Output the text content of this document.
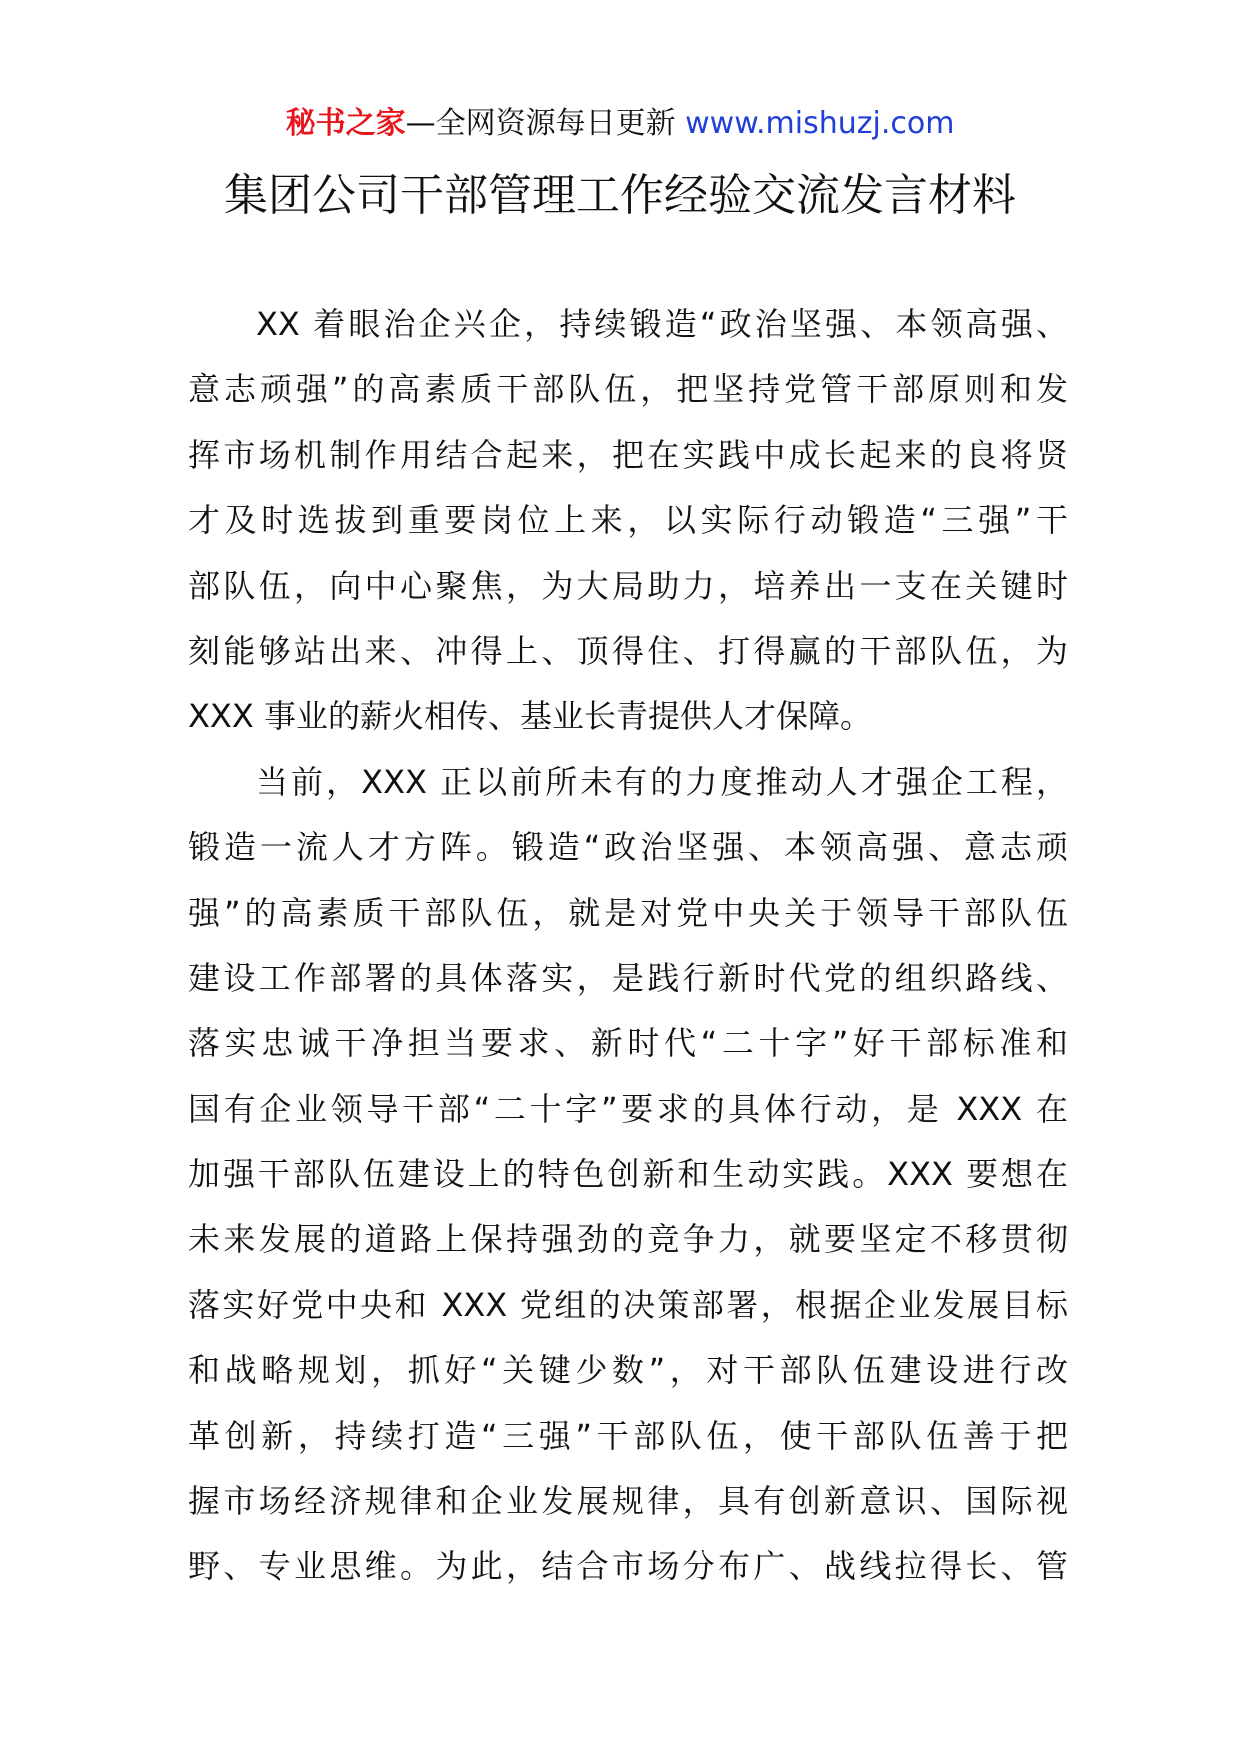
秘书之家—全网资源每日更新 www.mishuzj.com
集团公司干部管理工作经验交流发言材料
XX 着眼治企兴企，持续锻造“政治坚强、本领高强、
意志顽强”的高素质干部队伍，把坚持党管干部原则和发
挥市场机制作用结合起来，把在实践中成长起来的良将贤
才及时选拔到重要岗位上来，以实际行动锻造“三强”干
部队伍，向中心聚焦，为大局助力，培养出一支在关键时
刻能够站出来、冲得上、顶得住、打得赢的干部队伍，为
XXX 事业的薪火相传、基业长青提供人才保障。
当前，XXX 正以前所未有的力度推动人才强企工程，
锻造一流人才方阵。锻造“政治坚强、本领高强、意志顽
强”的高素质干部队伍，就是对党中央关于领导干部队伍
建设工作部署的具体落实，是践行新时代党的组织路线、
落实忠诚干净担当要求、新时代“二十字”好干部标准和
国有企业领导干部“二十字”要求的具体行动，是 XXX 在
加强干部队伍建设上的特色创新和生动实践。XXX 要想在
未来发展的道路上保持强劲的竞争力，就要坚定不移贯彻
落实好党中央和 XXX 党组的决策部署，根据企业发展目标
和战略规划，抓好“关键少数”，对干部队伍建设进行改
革创新，持续打造“三强”干部队伍，使干部队伍善于把
握市场经济规律和企业发展规律，具有创新意识、国际视
野、专业思维。为此，结合市场分布广、战线拉得长、管
